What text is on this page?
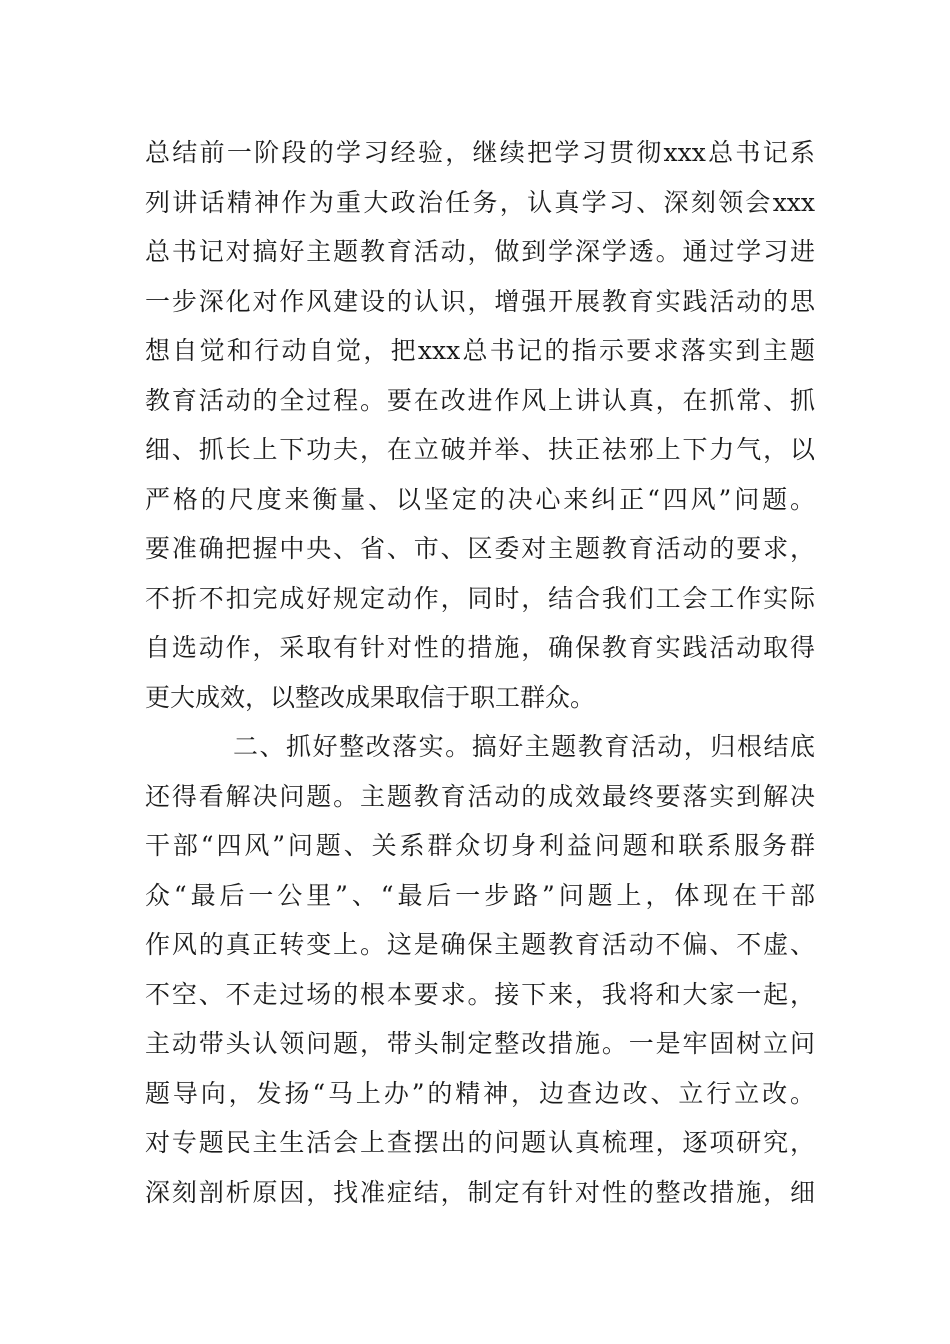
总结前一阶段的学习经验，继续把学习贯彻xxx总书记系
列讲话精神作为重大政治任务，认真学习、深刻领会xxx
总书记对搞好主题教育活动，做到学深学透。通过学习进
一步深化对作风建设的认识，增强开展教育实践活动的思
想自觉和行动自觉，把xxx总书记的指示要求落实到主题
教育活动的全过程。要在改进作风上讲认真，在抓常、抓
细、抓长上下功夫，在立破并举、扶正祛邪上下力气，以
严格的尺度来衡量、以坚定的决心来纠正“四风”问题。
要准确把握中央、省、市、区委对主题教育活动的要求，
不折不扣完成好规定动作，同时，结合我们工会工作实际
自选动作，采取有针对性的措施，确保教育实践活动取得
更大成效，以整改成果取信于职工群众。
二、抓好整改落实。搞好主题教育活动，归根结底
还得看解决问题。主题教育活动的成效最终要落实到解决
干部“四风”问题、关系群众切身利益问题和联系服务群
众“最后一公里”、“最后一步路”问题上，体现在干部
作风的真正转变上。这是确保主题教育活动不偏、不虚、
不空、不走过场的根本要求。接下来，我将和大家一起，
主动带头认领问题，带头制定整改措施。一是牢固树立问
题导向，发扬“马上办”的精神，边查边改、立行立改。
对专题民主生活会上查摆出的问题认真梳理，逐项研究，
深刻剖析原因，找准症结，制定有针对性的整改措施，细
